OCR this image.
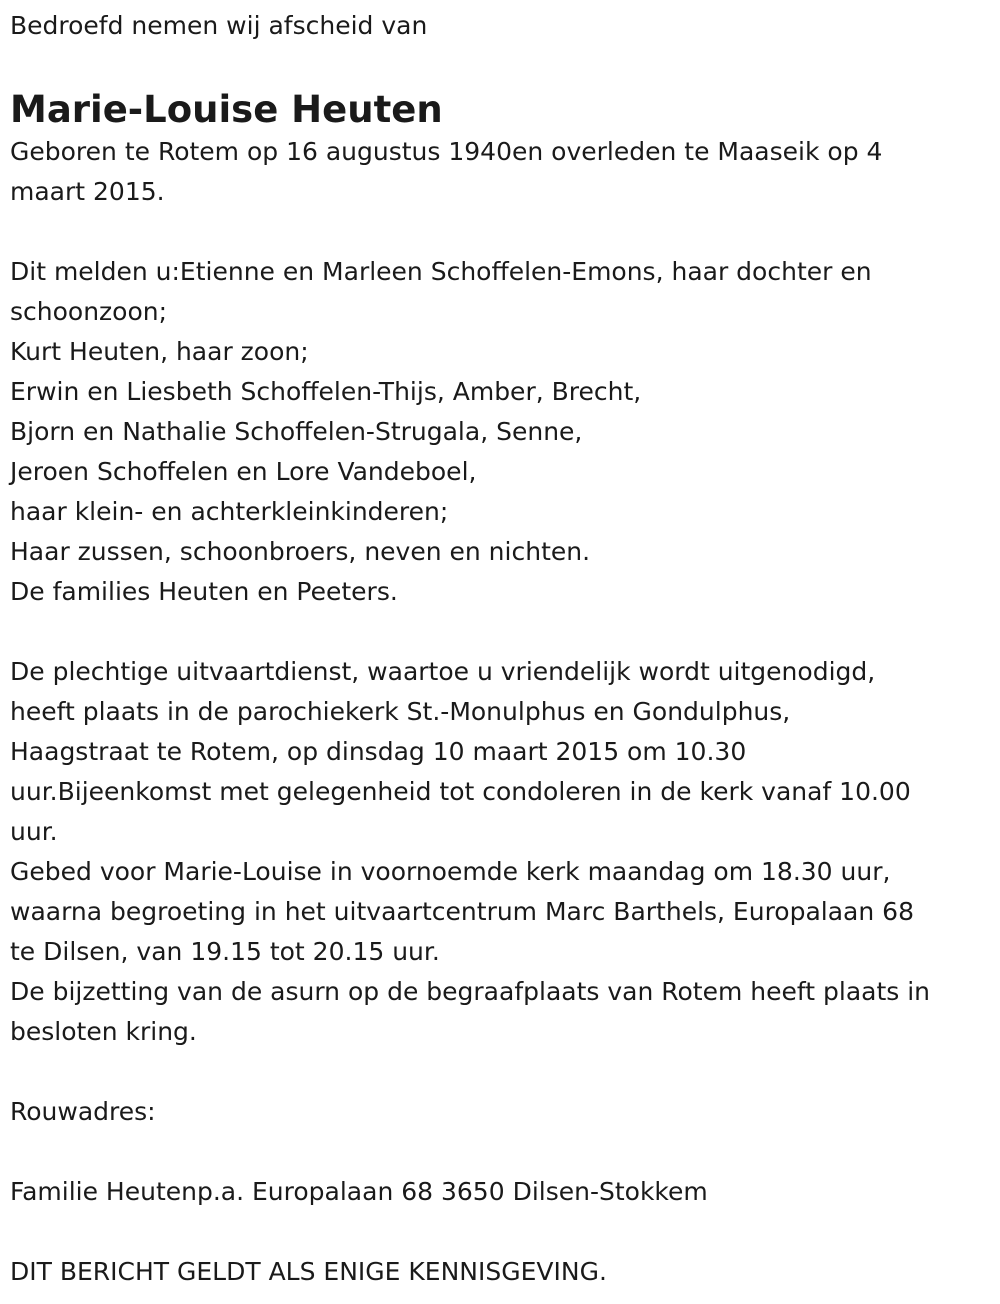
Bedroefd nemen wij afscheid van
Marie-Louise Heuten
Geboren te Rotem op 16 augustus 1940en overleden te Maaseik op 4
maart 2015.
Dit melden u:Etienne en Marleen Schoffelen-Emons, haar dochter en
schoonzoon;
Kurt Heuten, haar zoon;
Erwin en Liesbeth Schoffelen-Thijs, Amber, Brecht,
Bjorn en Nathalie Schoffelen-Strugala, Senne,
Jeroen Schoffelen en Lore Vandeboel,
haar klein- en achterkleinkinderen;
Haar zussen, schoonbroers, neven en nichten.
De families Heuten en Peeters.
De plechtige uitvaartdienst, waartoe u vriendelijk wordt uitgenodigd,
heeft plaats in de parochiekerk St.-Monulphus en Gondulphus,
Haagstraat te Rotem, op dinsdag 10 maart 2015 om 10.30
uur.Bijeenkomst met gelegenheid tot condoleren in de kerk vanaf 10.00
uur.
Gebed voor Marie-Louise in voornoemde kerk maandag om 18.30 uur,
waarna begroeting in het uitvaartcentrum Marc Barthels, Europalaan 68
te Dilsen, van 19.15 tot 20.15 uur.
De bijzetting van de asurn op de begraafplaats van Rotem heeft plaats in
besloten kring.
Rouwadres:
Familie Heutenp.a. Europalaan 68 3650 Dilsen-Stokkem
DIT BERICHT GELDT ALS ENIGE KENNISGEVING.
